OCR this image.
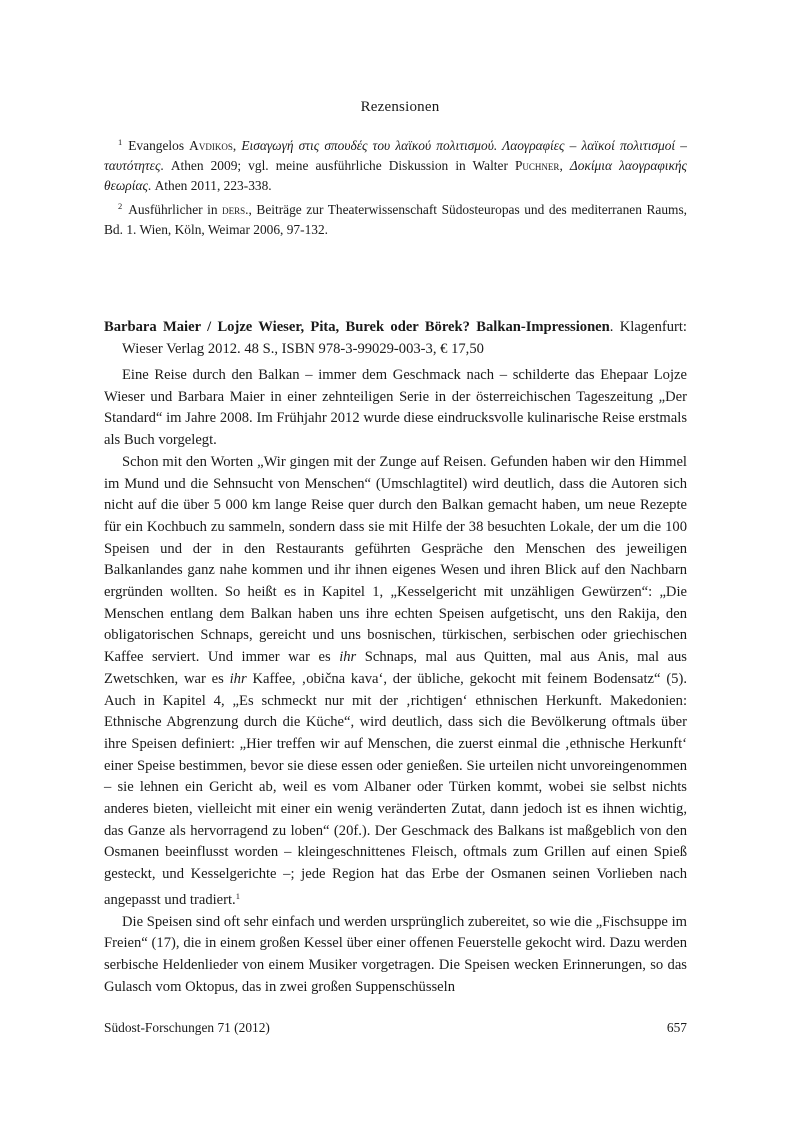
Rezensionen

$^1$ Evangelos Avdikos, Εισαγωγή στις σπουδές του λαϊκού πολιτισμού. Λαογραφίες – λαϊκοί πολιτισμοί – ταυτότητες. Athen 2009; vgl. meine ausführliche Diskussion in Walter Puchner, Δοκίμια λαογραφικής θεωρίας. Athen 2011, 223-338.

$^2$ Ausführlicher in ders., Beiträge zur Theaterwissenschaft Südosteuropas und des mediterranen Raums, Bd. 1. Wien, Köln, Weimar 2006, 97-132.

Barbara Maier / Lojze Wieser, Pita, Burek oder Börek? Balkan-Impressionen. Klagenfurt: Wieser Verlag 2012. 48 S., ISBN 978-3-99029-003-3, € 17,50

Eine Reise durch den Balkan – immer dem Geschmack nach – schilderte das Ehepaar Lojze Wieser und Barbara Maier in einer zehnteiligen Serie in der österreichischen Tageszeitung „Der Standard“ im Jahre 2008. Im Frühjahr 2012 wurde diese eindrucksvolle kulinarische Reise erstmals als Buch vorgelegt.

Schon mit den Worten „Wir gingen mit der Zunge auf Reisen. Gefunden haben wir den Himmel im Mund und die Sehnsucht von Menschen“ (Umschlagtitel) wird deutlich, dass die Autoren sich nicht auf die über 5 000 km lange Reise quer durch den Balkan gemacht haben, um neue Rezepte für ein Kochbuch zu sammeln, sondern dass sie mit Hilfe der 38 besuchten Lokale, der um die 100 Speisen und der in den Restaurants geführten Gespräche den Menschen des jeweiligen Balkanlandes ganz nahe kommen und ihr ihnen eigenes Wesen und ihren Blick auf den Nachbarn ergründen wollten. So heißt es in Kapitel 1, „Kesselgericht mit unzähligen Gewürzen“: „Die Menschen entlang dem Balkan haben uns ihre echten Speisen aufgetischt, uns den Rakija, den obligatorischen Schnaps, gereicht und uns bosnischen, türkischen, serbischen oder griechischen Kaffee serviert. Und immer war es ihr Schnaps, mal aus Quitten, mal aus Anis, mal aus Zwetschken, war es ihr Kaffee, ‚obična kava‘, der übliche, gekocht mit feinem Bodensatz“ (5). Auch in Kapitel 4, „Es schmeckt nur mit der ‚richtigen‘ ethnischen Herkunft. Makedonien: Ethnische Abgrenzung durch die Küche“, wird deutlich, dass sich die Bevölkerung oftmals über ihre Speisen definiert: „Hier treffen wir auf Menschen, die zuerst einmal die ‚ethnische Herkunft‘ einer Speise bestimmen, bevor sie diese essen oder genießen. Sie urteilen nicht unvoreingenommen – sie lehnen ein Gericht ab, weil es vom Albaner oder Türken kommt, wobei sie selbst nichts anderes bieten, vielleicht mit einer ein wenig veränderten Zutat, dann jedoch ist es ihnen wichtig, das Ganze als hervorragend zu loben“ (20f.). Der Geschmack des Balkans ist maßgeblich von den Osmanen beeinflusst worden – kleingeschnittenes Fleisch, oftmals zum Grillen auf einen Spieß gesteckt, und Kesselgerichte –; jede Region hat das Erbe der Osmanen seinen Vorlieben nach angepasst und tradiert.$^1$

Die Speisen sind oft sehr einfach und werden ursprünglich zubereitet, so wie die „Fischsuppe im Freien“ (17), die in einem großen Kessel über einer offenen Feuerstelle gekocht wird. Dazu werden serbische Heldenlieder von einem Musiker vorgetragen. Die Speisen wecken Erinnerungen, so das Gulasch vom Oktopus, das in zwei großen Suppenschüsseln

Südost-Forschungen 71 (2012)	657
